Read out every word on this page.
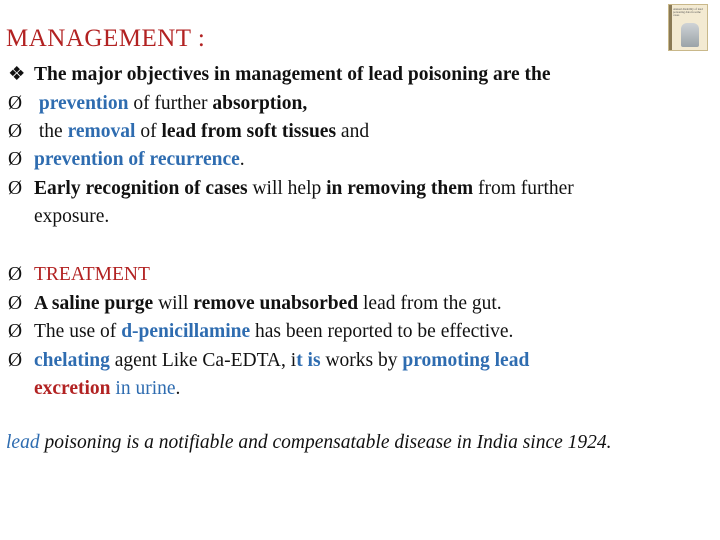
MANAGEMENT :
Annual disability of lead
poisoning data in some
cases
❖ The major objectives in management of lead poisoning are the
Ø prevention of further absorption,
Ø the removal of lead from soft tissues and
Ø prevention of recurrence.
Ø Early recognition of cases will help in removing them from further
exposure.
Ø TREATMENT
Ø A saline purge will remove unabsorbed lead from the gut.
Ø The use of d-penicillamine has been reported to be effective.
Ø chelating agent Like Ca-EDTA, it is works by promoting lead
excretion in urine.
lead poisoning is a notifiable and compensatable disease in India since 1924.
